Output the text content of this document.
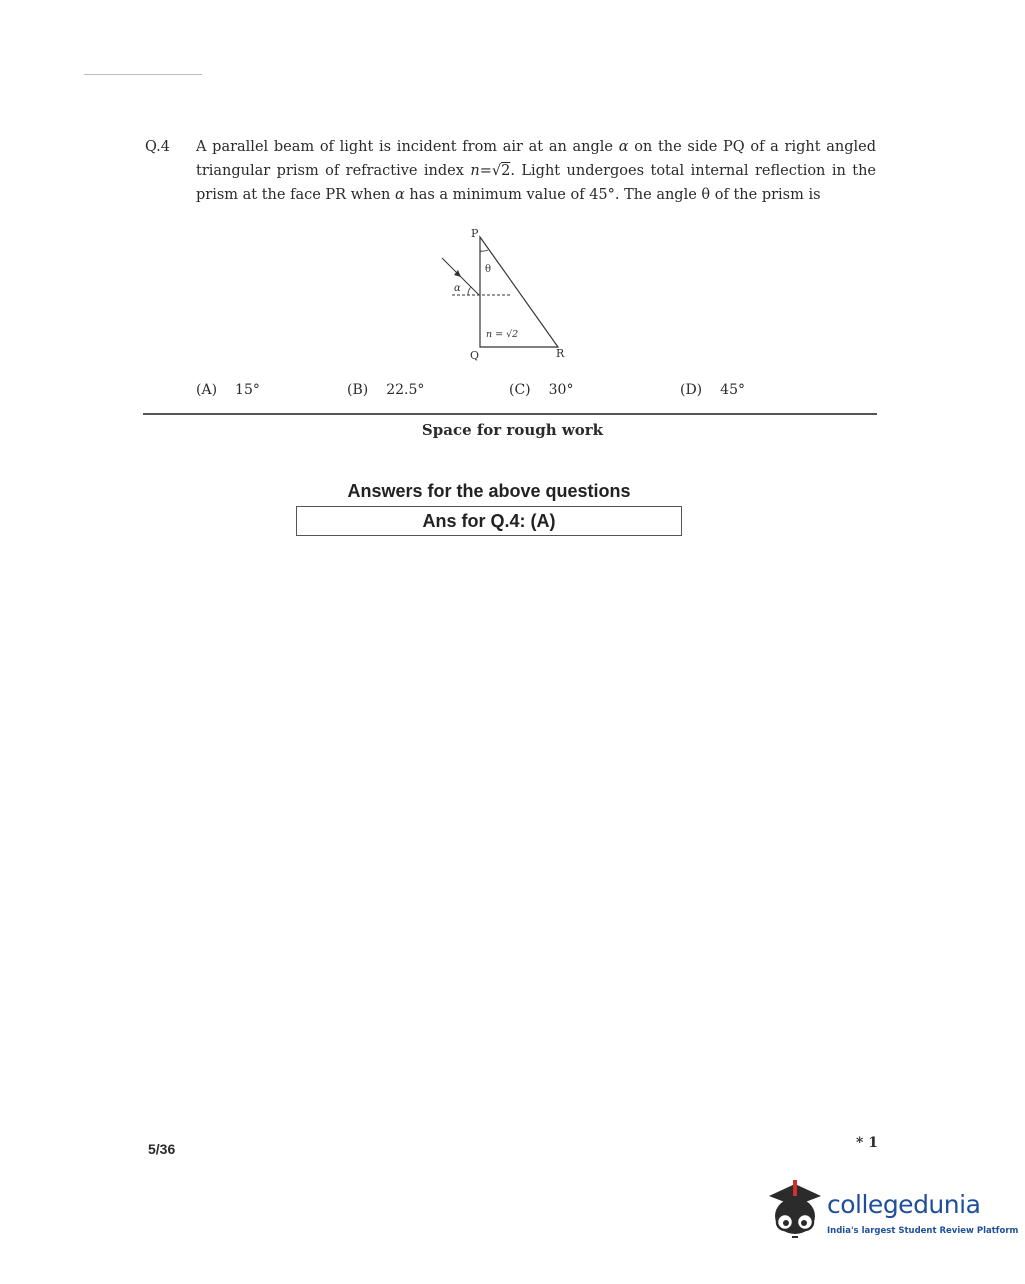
Q.4 A parallel beam of light is incident from air at an angle α on the side PQ of a right angled
triangular prism of refractive index n=√2. Light undergoes total internal reflection in the
prism at the face PR when α has a minimum value of 45°. The angle θ of the prism is
P
Q	R
θ
α
n = √2
(A) 15°	(B) 22.5°	(C) 30°	(D) 45°
Space for rough work
Answers for the above questions
Ans for Q.4: (A)
5/36	* 1
collegedunia
India's largest Student Review Platform
